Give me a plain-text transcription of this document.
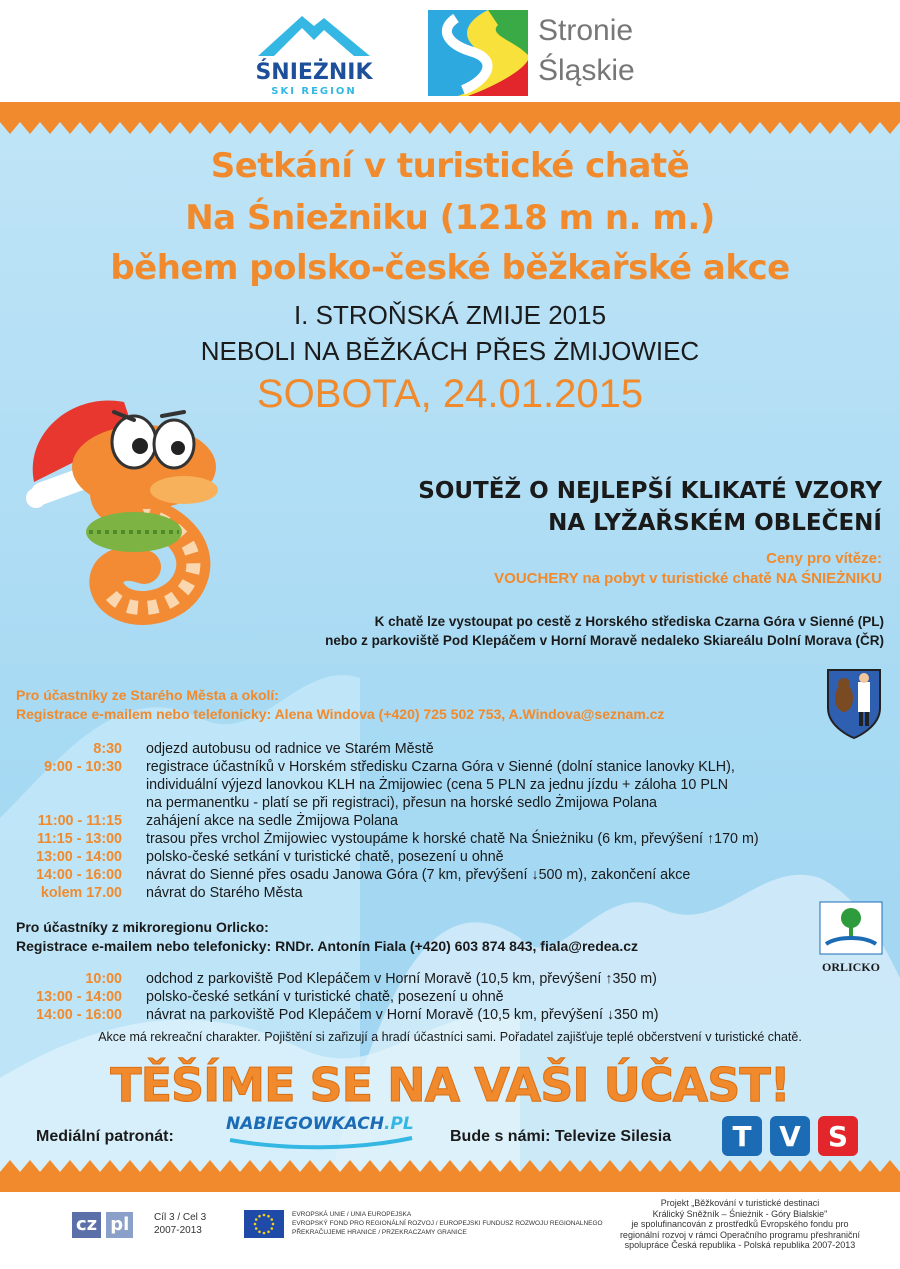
ŚNIEŻNIK
SKI REGION
Stronie
Śląskie
Setkání v turistické chatě
Na Śnieżniku (1218 m n. m.)
během polsko-české běžkařské akce
I. STROŇSKÁ ZMIJE 2015
NEBOLI NA BĚŽKÁCH PŘES ŻMIJOWIEC
SOBOTA, 24.01.2015
SOUTĚŽ O NEJLEPŠÍ KLIKATÉ VZORY
NA LYŽAŘSKÉM OBLEČENÍ
Ceny pro vítěze:
VOUCHERY na pobyt v turistické chatě NA ŚNIEŻNIKU
K chatě lze vystoupat po cestě z Horského střediska Czarna Góra v Sienné (PL)
nebo z parkoviště Pod Klepáčem v Horní Moravě nedaleko Skiareálu Dolní Morava (ČR)
Pro účastníky ze Starého Města a okolí:
Registrace e-mailem nebo telefonicky: Alena Windova (+420) 725 502 753, A.Windova@seznam.cz
8:30 odjezd autobusu od radnice ve Starém Městě
9:00 - 10:30 registrace účastníků v Horském středisku Czarna Góra v Sienné (dolní stanice lanovky KLH),
individuální výjezd lanovkou KLH na Żmijowiec (cena 5 PLN za jednu jízdu + záloha 10 PLN
na permanentku - platí se při registraci), přesun na horské sedlo Żmijowa Polana
11:00 - 11:15 zahájení akce na sedle Żmijowa Polana
11:15 - 13:00 trasou přes vrchol Żmijowiec vystoupáme k horské chatě Na Śnieżniku (6 km, převýšení ↑170 m)
13:00 - 14:00 polsko-české setkání v turistické chatě, posezení u ohně
14:00 - 16:00 návrat do Sienné přes osadu Janowa Góra (7 km, převýšení ↓500 m), zakončení akce
kolem 17.00 návrat do Starého Města
Pro účastníky z mikroregionu Orlicko:
Registrace e-mailem nebo telefonicky: RNDr. Antonín Fiala (+420) 603 874 843, fiala@redea.cz
ORLICKO
10:00 odchod z parkoviště Pod Klepáčem v Horní Moravě (10,5 km, převýšení ↑350 m)
13:00 - 14:00 polsko-české setkání v turistické chatě, posezení u ohně
14:00 - 16:00 návrat na parkoviště Pod Klepáčem v Horní Moravě (10,5 km, převýšení ↓350 m)
Akce má rekreační charakter. Pojištění si zařizují a hradí účastníci sami. Pořadatel zajišťuje teplé občerstvení v turistické chatě.
TĚŠÍME SE NA VAŠI ÚČAST!
Mediální patronát:
NABIEGOWKACH.PL
Bude s námi: Televize Silesia	T V S
cz pl Cíl 3 / Cel 3
2007-2013
EVROPSKÁ UNIE / UNIA EUROPEJSKA
EVROPSKÝ FOND PRO REGIONÁLNÍ ROZVOJ / EUROPEJSKI FUNDUSZ ROZWOJU REGIONALNEGO
PŘEKRAČUJEME HRANICE / PRZEKRACZAMY GRANICE
Projekt „Běžkování v turistické destinaci
Králický Sněžník – Śnieżnik - Góry Bialskie"
je spolufinancován z prostředků Evropského fondu pro
regionální rozvoj v rámci Operačního programu přeshraniční
spolupráce Česká republika - Polská republika 2007-2013
